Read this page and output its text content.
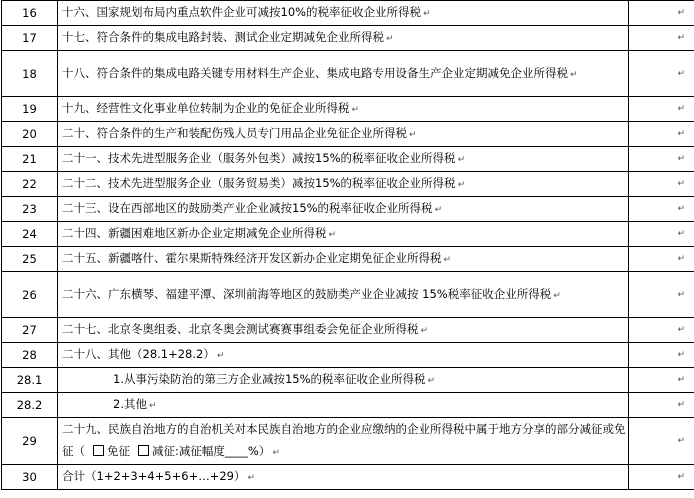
16	十六、国家规划布局内重点软件企业可减按10%的税率征收企业所得税 ↵	↵

17	十七、符合条件的集成电路封装、测试企业定期减免企业所得税 ↵	↵

18	十八、符合条件的集成电路关键专用材料生产企业、集成电路专用设备生产企业定期减免企业所得税 ↵	↵

19	十九、经营性文化事业单位转制为企业的免征企业所得税 ↵	↵

20	二十、符合条件的生产和装配伤残人员专门用品企业免征企业所得税 ↵	↵

21	二十一、技术先进型服务企业（服务外包类）减按15%的税率征收企业所得税 ↵	↵

22	二十二、技术先进型服务企业（服务贸易类）减按15%的税率征收企业所得税 ↵	↵

23	二十三、设在西部地区的鼓励类产业企业减按15%的税率征收企业所得税 ↵	↵

24	二十四、新疆困难地区新办企业定期减免企业所得税 ↵	↵

25	二十五、新疆喀什、霍尔果斯特殊经济开发区新办企业定期免征企业所得税 ↵	↵

26	二十六、广东横琴、福建平潭、深圳前海等地区的鼓励类产业企业减按 15%税率征收企业所得税 ↵	↵

27	二十七、北京冬奥组委、北京冬奥会测试赛赛事组委会免征企业所得税 ↵	↵

28	二十八、其他（28.1+28.2） ↵	↵

28.1	1.从事污染防治的第三方企业减按15%的税率征收企业所得税 ↵	↵

28.2	2.其他 ↵	↵

29	二十九、民族自治地方的自治机关对本民族自治地方的企业应缴纳的企业所得税中属于地方分享的部分减征或免征（ 免征 减征:减征幅度____%） ↵	↵

30	合计（1+2+3+4+5+6+…+29） ↵	↵
